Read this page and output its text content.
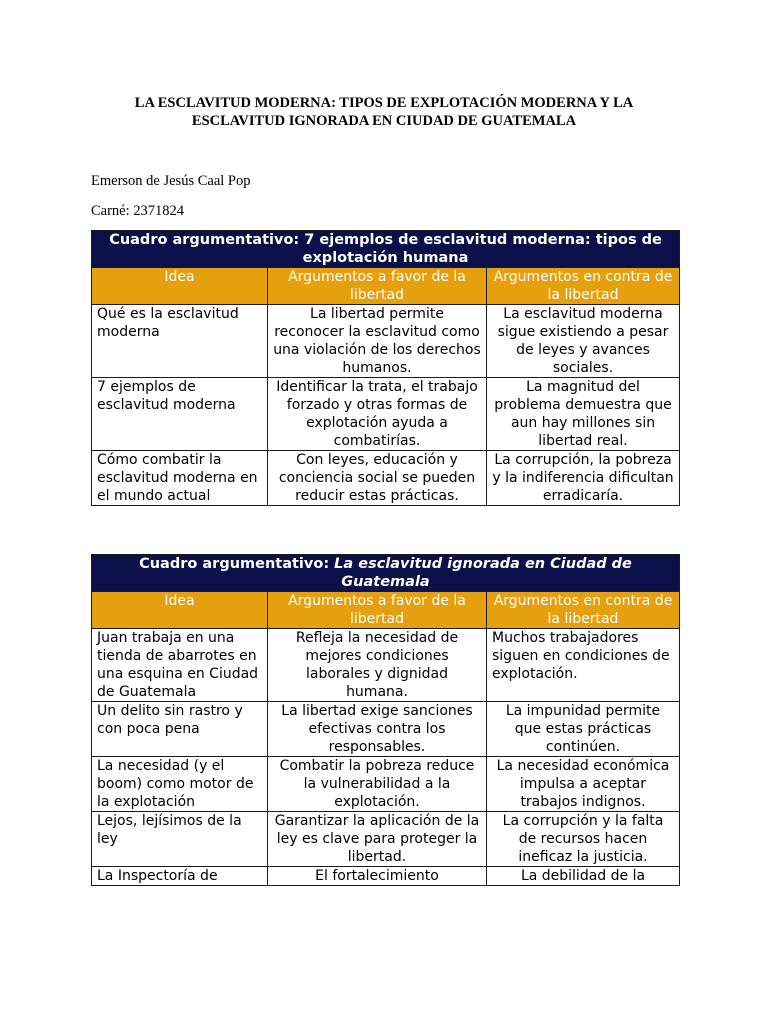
LA ESCLAVITUD MODERNA: TIPOS DE EXPLOTACIÓN MODERNA Y LA ESCLAVITUD IGNORADA EN CIUDAD DE GUATEMALA
Emerson de Jesús Caal Pop
Carné: 2371824
Cuadro argumentativo: 7 ejemplos de esclavitud moderna: tipos de explotación humana		
Idea	Argumentos a favor de la libertad	Argumentos en contra de la libertad
Qué es la esclavitud moderna	La libertad permite reconocer la esclavitud como una violación de los derechos humanos.	La esclavitud moderna sigue existiendo a pesar de leyes y avances sociales.
7 ejemplos de esclavitud moderna	Identificar la trata, el trabajo forzado y otras formas de explotación ayuda a combatirías.	La magnitud del problema demuestra que aun hay millones sin libertad real.
Cómo combatir la esclavitud moderna en el mundo actual	Con leyes, educación y conciencia social se pueden reducir estas prácticas.	La corrupción, la pobreza y la indiferencia dificultan erradicaría.
Cuadro argumentativo: La esclavitud ignorada en Ciudad de Guatemala		
Idea	Argumentos a favor de la libertad	Argumentos en contra de la libertad
Juan trabaja en una tienda de abarrotes en una esquina en Ciudad de Guatemala	Refleja la necesidad de mejores condiciones laborales y dignidad humana.	Muchos trabajadores siguen en condiciones de explotación.
Un delito sin rastro y con poca pena	La libertad exige sanciones efectivas contra los responsables.	La impunidad permite que estas prácticas continúen.
La necesidad (y el boom) como motor de la explotación	Combatir la pobreza reduce la vulnerabilidad a la explotación.	La necesidad económica impulsa a aceptar trabajos indignos.
Lejos, lejísimos de la ley	Garantizar la aplicación de la ley es clave para proteger la libertad.	La corrupción y la falta de recursos hacen ineficaz la justicia.
La Inspectoría de	El fortalecimiento	La debilidad de la
